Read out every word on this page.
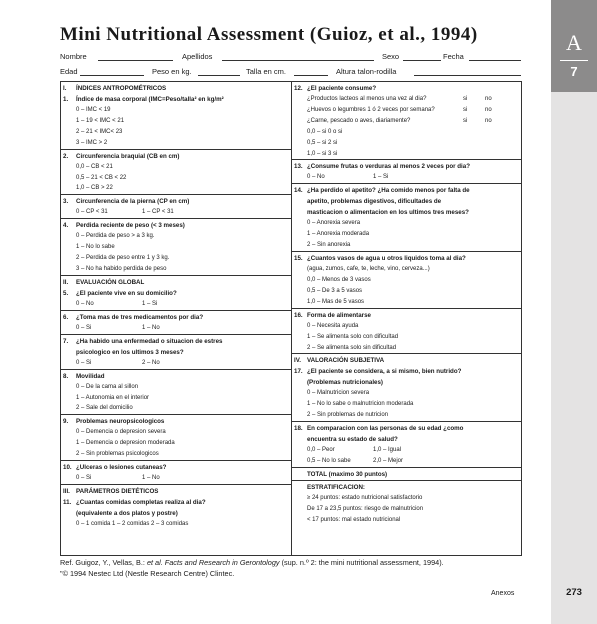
A
7
Mini Nutritional Assessment (Guioz, et al., 1994)
Nombre	Apellidos	Sexo	Fecha
Edad	Peso en kg.	Talla en cm.	Altura talon-rodilla
I.	ÍNDICES ANTROPOMÉTRICOS
1.	Índice de masa corporal (IMC=Peso/talla² en kg/m²
0 – IMC < 19
1 – 19 < IMC < 21
2 – 21 < IMC< 23
3 – IMC > 2
2.	Circunferencia braquial (CB en cm)
0,0 – CB < 21
0,5 – 21 < CB < 22
1,0 – CB > 22
3.	Circunferencia de la pierna (CP en cm)
0 – CP < 31	1 – CP < 31
4.	Perdida reciente de peso (< 3 meses)
0 – Perdida de peso > a 3 kg.
1 – No lo sabe
2 – Perdida de peso entre 1 y 3 kg.
3 – No ha habido perdida de peso
II.	EVALUACIÓN GLOBAL
5.	¿El paciente vive en su domicilio?
0 – No	1 – Si
6.	¿Toma mas de tres medicamentos por dia?
0 – Si	1 – No
7.	¿Ha habido una enfermedad o situacion de estres
psicologico en los ultimos 3 meses?
0 – Si	2 – No
8.	Movilidad
0 – De la cama al sillon
1 – Autonomia en el interior
2 – Sale del domicilio
9.	Problemas neuropsicologicos
0 – Demencia o depresion severa
1 – Demencia o depresion moderada
2 – Sin problemas psicologicos
10. ¿Ulceras o lesiones cutaneas?
0 – Si	1 – No
III. PARÁMETROS DIETÉTICOS
11. ¿Cuantas comidas completas realiza al dia?
(equivalente a dos platos y postre)
0 – 1 comida 1 – 2 comidas 2 – 3 comidas
12. ¿El paciente consume?
¿Productos lacteos al menos una vez al dia?	si	no
¿Huevos o legumbres 1 ó 2 veces por semana?	si	no
¿Carne, pescado o aves, diariamente?	si	no
0,0 – si 0 o si
0,5 – si 2 si
1,0 – si 3 si
13. ¿Consume frutas o verduras al menos 2 veces por dia?
0 – No	1 – Si
14. ¿Ha perdido el apetito? ¿Ha comido menos por falta de
apetito, problemas digestivos, dificultades de
masticacion o alimentacion en los ultimos tres meses?
0 – Anorexia severa
1 – Anorexia moderada
2 – Sin anorexia
15. ¿Cuantos vasos de agua u otros liquidos toma al dia?
(agua, zumos, cafe, te, leche, vino, cerveza...)
0,0 – Menos de 3 vasos
0,5 – De 3 a 5 vasos
1,0 – Mas de 5 vasos
16. Forma de alimentarse
0 – Necesita ayuda
1 – Se alimenta solo con dificultad
2 – Se alimenta solo sin dificultad
IV. VALORACIÓN SUBJETIVA
17. ¿El paciente se considera, a si mismo, bien nutrido?
(Problemas nutricionales)
0 – Malnutricion severa
1 – No lo sabe o malnutricion moderada
2 – Sin problemas de nutricion
18. En comparacion con las personas de su edad ¿como
encuentra su estado de salud?
0,0 – Peor	1,0 – Igual
0,5 – No lo sabe	2,0 – Mejor
TOTAL (maximo 30 puntos)
ESTRATIFICACION:
≥ 24 puntos: estado nutricional satisfactorio
De 17 a 23,5 puntos: riesgo de malnutricion
< 17 puntos: mal estado nutricional
Ref. Guigoz, Y., Vellas, B.: et al. Facts and Research in Gerontology (sup. n.º 2: the mini nutritional assessment, 1994).
"© 1994 Nestec Ltd (Nestle Research Centre) Clintec.
Anexos	273
